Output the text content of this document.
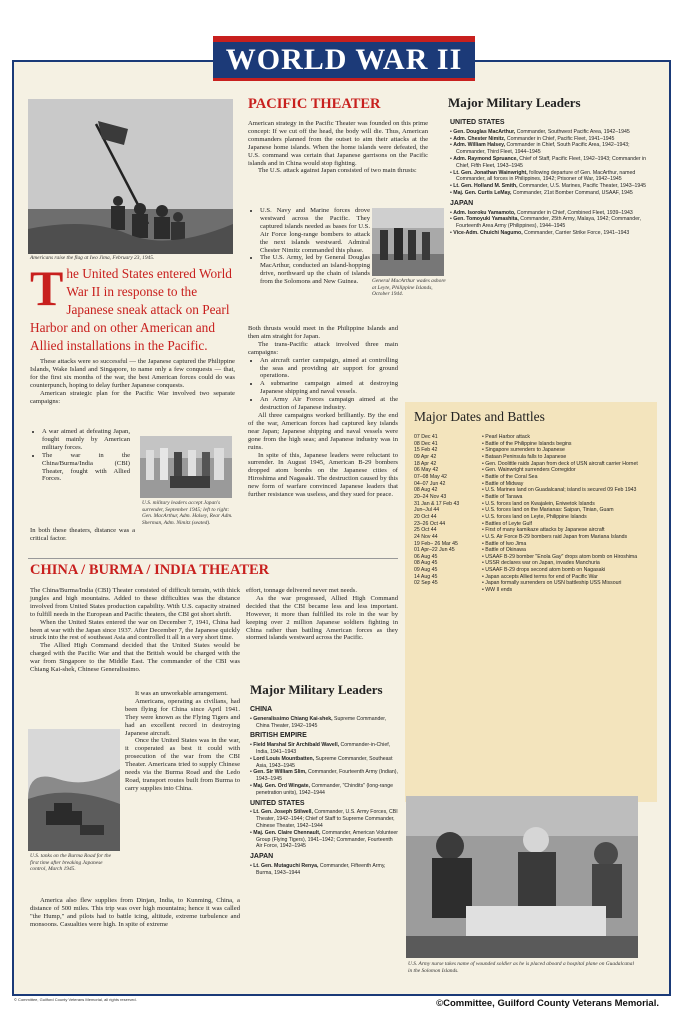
WORLD WAR II
Americans raise the flag at Iwo Jima, February 23, 1945.
T he United States entered World War II in response to the Japanese sneak attack on Pearl Harbor and on other American and Allied installations in the Pacific.

These attacks were so successful — the Japanese captured the Philippine Islands, Wake Island and Singapore, to name only a few conquests — that, for the first six months of the war, the best American forces could do was counterpunch, hoping to delay further Japanese conquests.

American strategic plan for the Pacific War involved two separate campaigns:

• A war aimed at defeating Japan, fought mainly by American military forces.
• The war in the China/Burma/India (CBI) Theater, fought with Allied Forces.

In both these theaters, distance was a critical factor.

U.S. military leaders accept Japan's surrender, September 1945; left to right: Gen. MacArthur, Adm. Halsey, Rear Adm. Sherman, Adm. Nimitz (seated).
PACIFIC THEATER

American strategy in the Pacific Theater was founded on this prime concept: If we cut off the head, the body will die. Thus, American commanders planned from the outset to aim their attacks at the Japanese home islands. When the home islands were defeated, the U.S. command was certain that Japanese garrisons on the Pacific islands and in China would stop fighting.

The U.S. attack against Japan consisted of two main thrusts:

• U.S. Navy and Marine forces drove westward across the Pacific. They captured islands needed as bases for U.S. Air Force long-range bombers to attack the next islands westward. Admiral Chester Nimitz commanded this phase.
• The U.S. Army, led by General Douglas MacArthur, conducted an island-hopping drive, northward up the chain of islands from the Solomons and New Guinea.

Both thrusts would meet in the Philippine Islands and then aim straight for Japan.

The trans-Pacific attack involved three main campaigns:

• An aircraft carrier campaign, aimed at controlling the seas and providing air support for ground operations.
• A submarine campaign aimed at destroying Japanese shipping and naval vessels.
• An Army Air Forces campaign aimed at the destruction of Japanese industry.

All three campaigns worked brilliantly. By the end of the war, American forces had captured key islands near Japan; Japanese shipping and naval vessels were gone from the high seas; and Japanese industry was in ruins.

In spite of this, Japanese leaders were reluctant to surrender. In August 1945, American B-29 bombers dropped atom bombs on the Japanese cities of Hiroshima and Nagasaki. The destruction caused by this new form of warfare convinced Japanese leaders that further resistance was useless, and they sued for peace.

General MacArthur wades ashore at Leyte, Philippine Islands, October 1944.
Major Military Leaders
UNITED STATES
• Gen. Douglas MacArthur, Commander, Southwest Pacific Area, 1942–1945
• Adm. Chester Nimitz, Commander in Chief, Pacific Fleet, 1941–1945
• Adm. William Halsey, Commander in Chief, South Pacific Area, 1942–1943; Commander, Third Fleet, 1944–1945
• Adm. Raymond Spruance, Chief of Staff, Pacific Fleet, 1942–1943; Commander in Chief, Fifth Fleet, 1943–1945
• Lt. Gen. Jonathan Wainwright, following departure of Gen. MacArthur, named Commander, all forces in Philippines, 1942; Prisoner of War, 1942–1945
• Lt. Gen. Holland M. Smith, Commander, U.S. Marines, Pacific Theater, 1943–1945
• Maj. Gen. Curtis LeMay, Commander, 21st Bomber Command, USAAF, 1945
JAPAN
• Adm. Isoroku Yamamoto, Commander in Chief, Combined Fleet, 1939–1943
• Gen. Tomoyuki Yamashita, Commander, 25th Army, Malaya, 1942; Commander, Fourteenth Area Army (Philippines), 1944–1945
• Vice-Adm. Chuichi Nagumo, Commander, Carrier Strike Force, 1941–1943
Major Dates and Battles
07 Dec 41	• Pearl Harbor attack
08 Dec 41	• Battle of the Philippine Islands begins
15 Feb 42	• Singapore surrenders to Japanese
09 Apr 42	• Bataan Peninsula falls to Japanese
18 Apr 42	• Gen. Doolittle raids Japan from deck of USN aircraft carrier Hornet
06 May 42	• Gen. Wainwright surrenders Corregidor
07–08 May 42	• Battle of the Coral Sea
04–07 Jun 42	• Battle of Midway
08 Aug 42	• U.S. Marines land on Guadalcanal; island is secured 09 Feb 1943
20–24 Nov 43	• Battle of Tarawa
31 Jan & 17 Feb 43	• U.S. forces land on Kwajalein, Eniwetok Islands
Jun–Jul 44	• U.S. forces land on the Marianas: Saipan, Tinian, Guam
20 Oct 44	• U.S. forces land on Leyte, Philippine Islands
23–26 Oct 44	• Battles of Leyte Gulf
25 Oct 44	• First of many kamikaze attacks by Japanese aircraft
24 Nov 44	• U.S. Air Force B-29 bombers raid Japan from Mariana Islands
19 Feb– 26 Mar 45	• Battle of Iwo Jima
01 Apr–22 Jun 45	• Battle of Okinawa
06 Aug 45	• USAAF B-29 bomber "Enola Gay" drops atom bomb on Hiroshima
08 Aug 45	• USSR declares war on Japan, invades Manchuria
09 Aug 45	• USAAF B-29 drops second atom bomb on Nagasaki
14 Aug 45	• Japan accepts Allied terms for end of Pacific War
02 Sep 45	• Japan formally surrenders on USN battleship USS Missouri
• WW II ends
CHINA / BURMA / INDIA THEATER

The China/Burma/India (CBI) Theater consisted of difficult terrain, with thick jungles and high mountains. Added to these difficulties was the distance involved from United States production capability. With U.S. capacity strained to fulfill needs in the European and Pacific theaters, the CBI got short shrift.

When the United States entered the war on December 7, 1941, China had been at war with the Japan since 1937. After December 7, the Japanese quickly struck into the rest of southeast Asia and controlled it all in a very short time.

The Allied High Command decided that the United States would be charged with the Pacific War and that the British would be charged with the war from Singapore to the Middle East. The commander of the CBI was Chiang Kai-shek, Chinese Generalissimo.

It was an unworkable arrangement.

Americans, operating as civilians, had been flying for China since April 1941. They were known as the Flying Tigers and had an excellent record in destroying Japanese aircraft.

Once the United States was in the war, it cooperated as best it could with prosecution of the war from the CBI Theater. Americans tried to supply Chinese needs via the Burma Road and the Ledo Road, transport routes built from Burma to carry supplies into China.

America also flew supplies from Dinjan, India, to Kunming, China, a distance of 500 miles. This trip was over high mountains; hence it was called "the Hump," and pilots had to battle icing, altitude, extreme turbulence and monsoons. Casualties were high. In spite of extreme

effort, tonnage delivered never met needs.

As the war progressed, Allied High Command decided that the CBI became less and less important. However, it more than fulfilled its role in the war by keeping over 2 million Japanese soldiers fighting in China rather than battling American forces as they stormed islands westward across the Pacific.

U.S. tanks on the Burma Road for the first time after breaking Japanese control, March 1945.
Major Military Leaders
CHINA
• Generalissimo Chiang Kai-shek, Supreme Commander, China Theater, 1942–1945
BRITISH EMPIRE
• Field Marshal Sir Archibald Wavell, Commander-in-Chief, India, 1941–1943
• Lord Louis Mountbatten, Supreme Commander, Southeast Asia, 1943–1945
• Gen. Sir William Slim, Commander, Fourteenth Army (Indian), 1943–1945
• Maj. Gen. Ord Wingate, Commander, "Chindits" (long-range penetration units), 1942–1944
UNITED STATES
• Lt. Gen. Joseph Stilwell, Commander, U.S. Army Forces, CBI Theater, 1942–1944; Chief of Staff to Supreme Commander, Chinese Theater, 1942–1944
• Maj. Gen. Claire Chennault, Commander, American Volunteer Group (Flying Tigers), 1941–1942; Commander, Fourteenth Air Force, 1942–1945
JAPAN
• Lt. Gen. Mutaguchi Renya, Commander, Fifteenth Army, Burma, 1943–1944
U.S. Army nurse takes name of wounded soldier as he is placed aboard a hospital plane on Guadalcanal in the Solomon Islands.
© Committee, Guilford County Veterans Memorial, all rights reserved.	©Committee, Guilford County Veterans Memorial.
